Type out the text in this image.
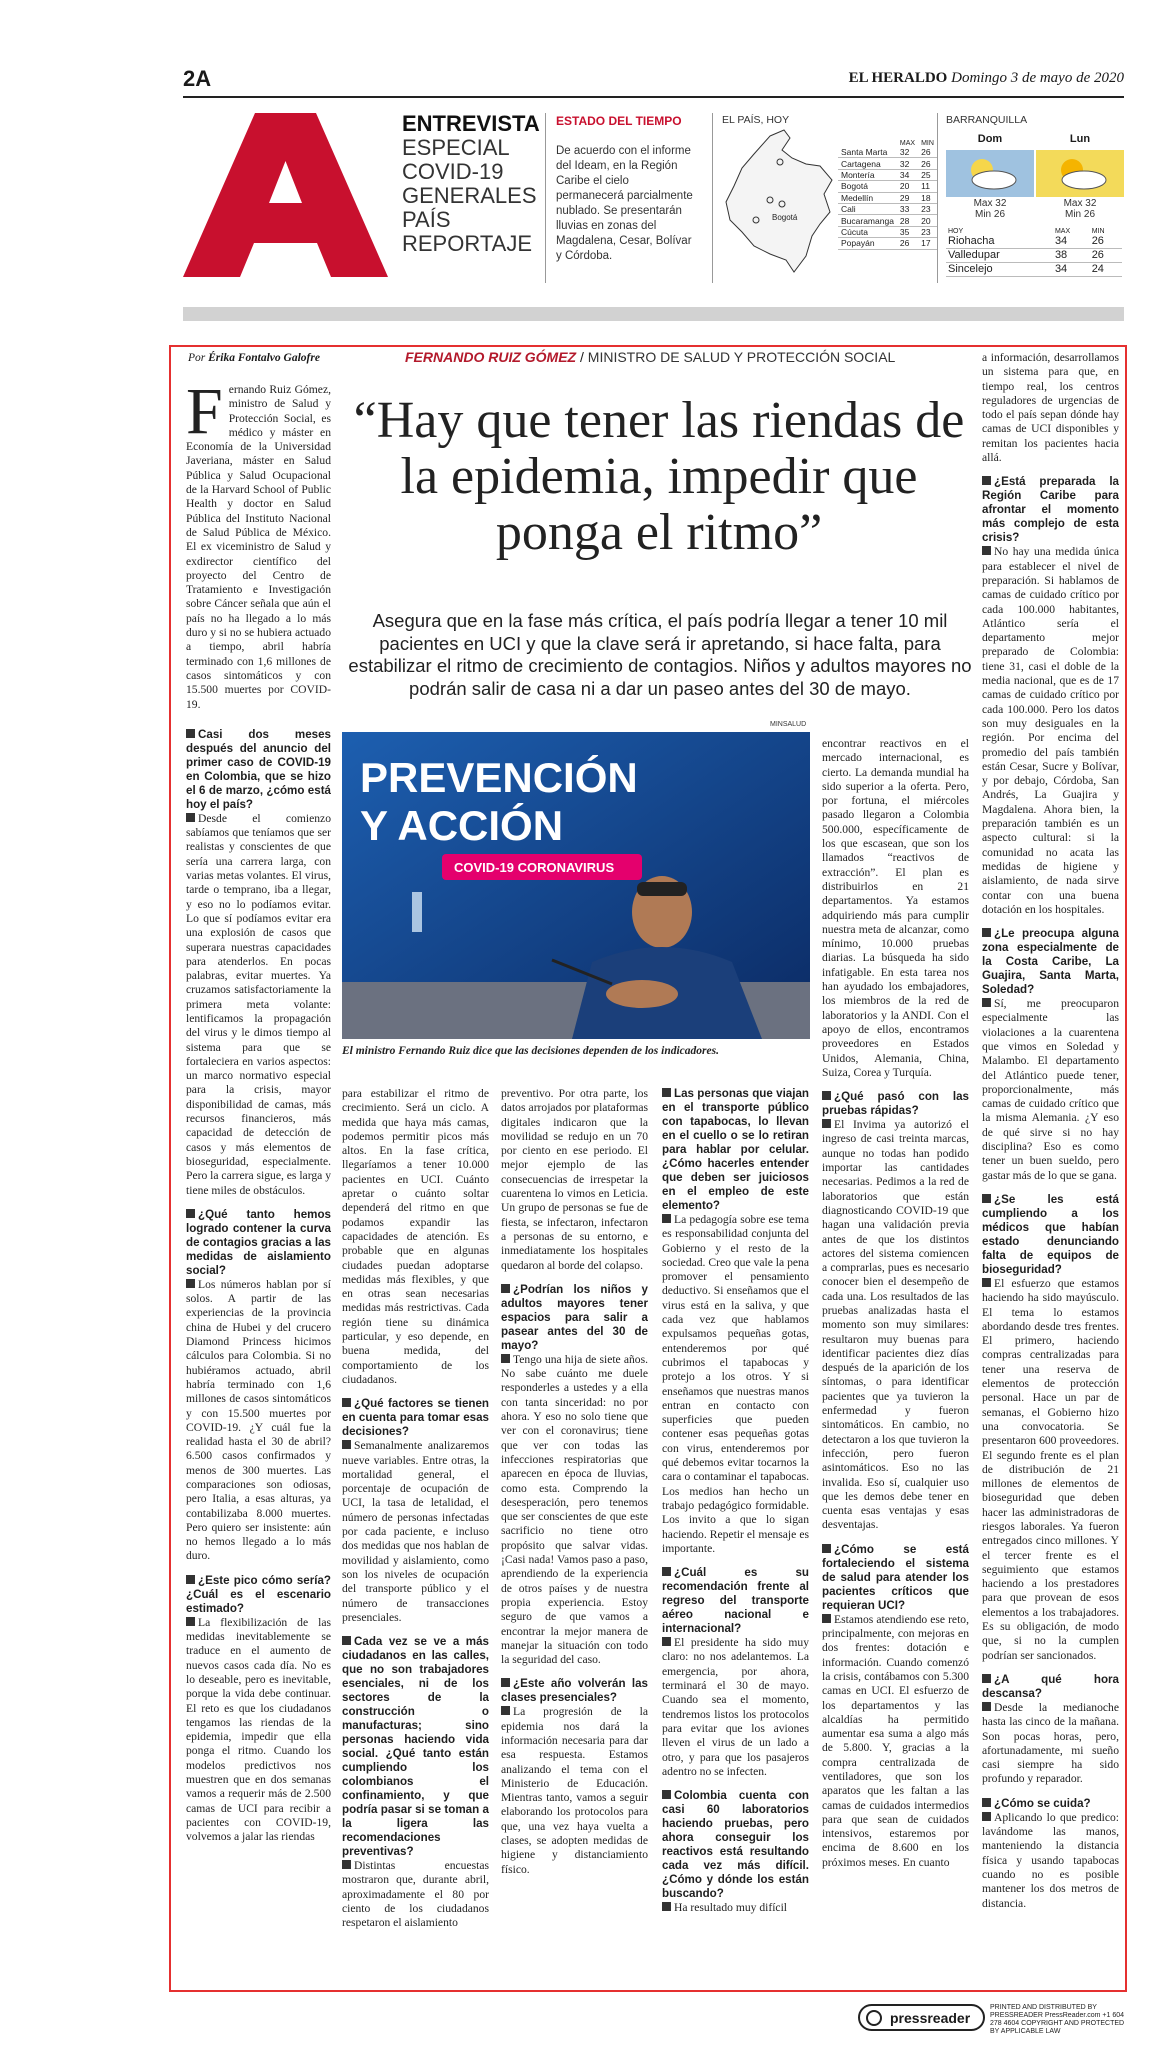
2A	EL HERALDO Domingo 3 de mayo de 2020
ENTREVISTA
ESPECIAL
COVID-19
GENERALES
PAÍS
REPORTAJE
ESTADO DEL TIEMPO
De acuerdo con el informe del Ideam, en la Región Caribe el cielo permanecerá parcialmente nublado. Se presentarán lluvias en zonas del Magdalena, Cesar, Bolívar y Córdoba.
EL PAÍS, HOY
Bogotá
	MAX	MIN
Santa Marta	32	26
Cartagena	32	26
Montería	34	25
Bogotá	20	11
Medellín	29	18
Cali	33	23
Bucaramanga	28	20
Cúcuta	35	23
Popayán	26	17
BARRANQUILLA
Dom	Lun
Max 32
Min 26
Max 32
Min 26
HOY	MAX	MIN
Riohacha	34	26
Valledupar	38	26
Sincelejo	34	24
Por Érika Fontalvo Galofre	FERNANDO RUIZ GÓMEZ / MINISTRO DE SALUD Y PROTECCIÓN SOCIAL
“Hay que tener las riendas de la epidemia, impedir que ponga el ritmo”
Asegura que en la fase más crítica, el país podría llegar a tener 10 mil pacientes en UCI y que la clave será ir apretando, si hace falta, para estabilizar el ritmo de crecimiento de contagios. Niños y adultos mayores no podrán salir de casa ni a dar un paseo antes del 30 de mayo.
MINSALUD
PREVENCIÓN
Y ACCIÓN
COVID-19 CORONAVIRUS
El ministro Fernando Ruiz dice que las decisiones dependen de los indicadores.

Fernando Ruiz Gómez, ministro de Salud y Protección Social, es médico y máster en Economía de la Universidad Javeriana, máster en Salud Pública y Salud Ocupacional de la Harvard School of Public Health y doctor en Salud Pública del Instituto Nacional de Salud Pública de México. El ex viceministro de Salud y exdirector científico del proyecto del Centro de Tratamiento e Investigación sobre Cáncer señala que aún el país no ha llegado a lo más duro y si no se hubiera actuado a tiempo, abril habría terminado con 1,6 millones de casos sintomáticos y con 15.500 muertes por COVID-19.

Casi dos meses después del anuncio del primer caso de COVID-19 en Colombia, que se hizo el 6 de marzo, ¿cómo está hoy el país?

Desde el comienzo sabíamos que teníamos que ser realistas y conscientes de que sería una carrera larga, con varias metas volantes. El virus, tarde o temprano, iba a llegar, y eso no lo podíamos evitar. Lo que sí podíamos evitar era una explosión de casos que superara nuestras capacidades para atenderlos. En pocas palabras, evitar muertes. Ya cruzamos satisfactoriamente la primera meta volante: lentificamos la propagación del virus y le dimos tiempo al sistema para que se fortaleciera en varios aspectos: un marco normativo especial para la crisis, mayor disponibilidad de camas, más recursos financieros, más capacidad de detección de casos y más elementos de bioseguridad, especialmente. Pero la carrera sigue, es larga y tiene miles de obstáculos.

¿Qué tanto hemos logrado contener la curva de contagios gracias a las medidas de aislamiento social?

Los números hablan por sí solos. A partir de las experiencias de la provincia china de Hubei y del crucero Diamond Princess hicimos cálculos para Colombia. Si no hubiéramos actuado, abril habría terminado con 1,6 millones de casos sintomáticos y con 15.500 muertes por COVID-19. ¿Y cuál fue la realidad hasta el 30 de abril? 6.500 casos confirmados y menos de 300 muertes. Las comparaciones son odiosas, pero Italia, a esas alturas, ya contabilizaba 8.000 muertes. Pero quiero ser insistente: aún no hemos llegado a lo más duro.

¿Este pico cómo sería? ¿Cuál es el escenario estimado?

La flexibilización de las medidas inevitablemente se traduce en el aumento de nuevos casos cada día. No es lo deseable, pero es inevitable, porque la vida debe continuar. El reto es que los ciudadanos tengamos las riendas de la epidemia, impedir que ella ponga el ritmo. Cuando los modelos predictivos nos muestren que en dos semanas vamos a requerir más de 2.500 camas de UCI para recibir a pacientes con COVID-19, volvemos a jalar las riendas

para estabilizar el ritmo de crecimiento. Será un ciclo. A medida que haya más camas, podemos permitir picos más altos. En la fase crítica, llegaríamos a tener 10.000 pacientes en UCI. Cuánto apretar o cuánto soltar dependerá del ritmo en que podamos expandir las capacidades de atención. Es probable que en algunas ciudades puedan adoptarse medidas más flexibles, y que en otras sean necesarias medidas más restrictivas. Cada región tiene su dinámica particular, y eso depende, en buena medida, del comportamiento de los ciudadanos.

¿Qué factores se tienen en cuenta para tomar esas decisiones?

Semanalmente analizaremos nueve variables. Entre otras, la mortalidad general, el porcentaje de ocupación de UCI, la tasa de letalidad, el número de personas infectadas por cada paciente, e incluso dos medidas que nos hablan de movilidad y aislamiento, como son los niveles de ocupación del transporte público y el número de transacciones presenciales.

Cada vez se ve a más ciudadanos en las calles, que no son trabajadores esenciales, ni de los sectores de la construcción o manufacturas; sino personas haciendo vida social. ¿Qué tanto están cumpliendo los colombianos el confinamiento, y que podría pasar si se toman a la ligera las recomendaciones preventivas?

Distintas encuestas mostraron que, durante abril, aproximadamente el 80 por ciento de los ciudadanos respetaron el aislamiento

preventivo. Por otra parte, los datos arrojados por plataformas digitales indicaron que la movilidad se redujo en un 70 por ciento en ese periodo. El mejor ejemplo de las consecuencias de irrespetar la cuarentena lo vimos en Leticia. Un grupo de personas se fue de fiesta, se infectaron, infectaron a personas de su entorno, e inmediatamente los hospitales quedaron al borde del colapso.

¿Podrían los niños y adultos mayores tener espacios para salir a pasear antes del 30 de mayo?

Tengo una hija de siete años. No sabe cuánto me duele responderles a ustedes y a ella con tanta sinceridad: no por ahora. Y eso no solo tiene que ver con el coronavirus; tiene que ver con todas las infecciones respiratorias que aparecen en época de lluvias, como esta. Comprendo la desesperación, pero tenemos que ser conscientes de que este sacrificio no tiene otro propósito que salvar vidas. ¡Casi nada! Vamos paso a paso, aprendiendo de la experiencia de otros países y de nuestra propia experiencia. Estoy seguro de que vamos a encontrar la mejor manera de manejar la situación con todo la seguridad del caso.

¿Este año volverán las clases presenciales?

La progresión de la epidemia nos dará la información necesaria para dar esa respuesta. Estamos analizando el tema con el Ministerio de Educación. Mientras tanto, vamos a seguir elaborando los protocolos para que, una vez haya vuelta a clases, se adopten medidas de higiene y distanciamiento físico.

Las personas que viajan en el transporte público con tapabocas, lo llevan en el cuello o se lo retiran para hablar por celular. ¿Cómo hacerles entender que deben ser juiciosos en el empleo de este elemento?

La pedagogía sobre ese tema es responsabilidad conjunta del Gobierno y el resto de la sociedad. Creo que vale la pena promover el pensamiento deductivo. Si enseñamos que el virus está en la saliva, y que cada vez que hablamos expulsamos pequeñas gotas, entenderemos por qué cubrimos el tapabocas y protejo a los otros. Y si enseñamos que nuestras manos entran en contacto con superficies que pueden contener esas pequeñas gotas con virus, entenderemos por qué debemos evitar tocarnos la cara o contaminar el tapabocas. Los medios han hecho un trabajo pedagógico formidable. Los invito a que lo sigan haciendo. Repetir el mensaje es importante.

¿Cuál es su recomendación frente al regreso del transporte aéreo nacional e internacional?

El presidente ha sido muy claro: no nos adelantemos. La emergencia, por ahora, terminará el 30 de mayo. Cuando sea el momento, tendremos listos los protocolos para evitar que los aviones lleven el virus de un lado a otro, y para que los pasajeros adentro no se infecten.

Colombia cuenta con casi 60 laboratorios haciendo pruebas, pero ahora conseguir los reactivos está resultando cada vez más difícil. ¿Cómo y dónde los están buscando?

Ha resultado muy difícil

encontrar reactivos en el mercado internacional, es cierto. La demanda mundial ha sido superior a la oferta. Pero, por fortuna, el miércoles pasado llegaron a Colombia 500.000, específicamente de los que escasean, que son los llamados “reactivos de extracción”. El plan es distribuirlos en 21 departamentos. Ya estamos adquiriendo más para cumplir nuestra meta de alcanzar, como mínimo, 10.000 pruebas diarias. La búsqueda ha sido infatigable. En esta tarea nos han ayudado los embajadores, los miembros de la red de laboratorios y la ANDI. Con el apoyo de ellos, encontramos proveedores en Estados Unidos, Alemania, China, Suiza, Corea y Turquía.

¿Qué pasó con las pruebas rápidas?

El Invima ya autorizó el ingreso de casi treinta marcas, aunque no todas han podido importar las cantidades necesarias. Pedimos a la red de laboratorios que están diagnosticando COVID-19 que hagan una validación previa antes de que los distintos actores del sistema comiencen a comprarlas, pues es necesario conocer bien el desempeño de cada una. Los resultados de las pruebas analizadas hasta el momento son muy similares: resultaron muy buenas para identificar pacientes diez días después de la aparición de los síntomas, o para identificar pacientes que ya tuvieron la enfermedad y fueron sintomáticos. En cambio, no detectaron a los que tuvieron la infección, pero fueron asintomáticos. Eso no las invalida. Eso sí, cualquier uso que les demos debe tener en cuenta esas ventajas y esas desventajas.

¿Cómo se está fortaleciendo el sistema de salud para atender los pacientes críticos que requieran UCI?

Estamos atendiendo ese reto, principalmente, con mejoras en dos frentes: dotación e información. Cuando comenzó la crisis, contábamos con 5.300 camas en UCI. El esfuerzo de los departamentos y las alcaldías ha permitido aumentar esa suma a algo más de 5.800. Y, gracias a la compra centralizada de ventiladores, que son los aparatos que les faltan a las camas de cuidados intermedios para que sean de cuidados intensivos, estaremos por encima de 8.600 en los próximos meses. En cuanto

a información, desarrollamos un sistema para que, en tiempo real, los centros reguladores de urgencias de todo el país sepan dónde hay camas de UCI disponibles y remitan los pacientes hacia allá.

¿Está preparada la Región Caribe para afrontar el momento más complejo de esta crisis?

No hay una medida única para establecer el nivel de preparación. Si hablamos de camas de cuidado crítico por cada 100.000 habitantes, Atlántico sería el departamento mejor preparado de Colombia: tiene 31, casi el doble de la media nacional, que es de 17 camas de cuidado crítico por cada 100.000. Pero los datos son muy desiguales en la región. Por encima del promedio del país también están Cesar, Sucre y Bolívar, y por debajo, Córdoba, San Andrés, La Guajira y Magdalena. Ahora bien, la preparación también es un aspecto cultural: si la comunidad no acata las medidas de higiene y aislamiento, de nada sirve contar con una buena dotación en los hospitales.

¿Le preocupa alguna zona especialmente de la Costa Caribe, La Guajira, Santa Marta, Soledad?

Sí, me preocuparon especialmente las violaciones a la cuarentena que vimos en Soledad y Malambo. El departamento del Atlántico puede tener, proporcionalmente, más camas de cuidado crítico que la misma Alemania. ¿Y eso de qué sirve si no hay disciplina? Eso es como tener un buen sueldo, pero gastar más de lo que se gana.

¿Se les está cumpliendo a los médicos que habían estado denunciando falta de equipos de bioseguridad?

El esfuerzo que estamos haciendo ha sido mayúsculo. El tema lo estamos abordando desde tres frentes. El primero, haciendo compras centralizadas para tener una reserva de elementos de protección personal. Hace un par de semanas, el Gobierno hizo una convocatoria. Se presentaron 600 proveedores. El segundo frente es el plan de distribución de 21 millones de elementos de bioseguridad que deben hacer las administradoras de riesgos laborales. Ya fueron entregados cinco millones. Y el tercer frente es el seguimiento que estamos haciendo a los prestadores para que provean de esos elementos a los trabajadores. Es su obligación, de modo que, si no la cumplen podrían ser sancionados.

¿A qué hora descansa?

Desde la medianoche hasta las cinco de la mañana. Son pocas horas, pero, afortunadamente, mi sueño casi siempre ha sido profundo y reparador.

¿Cómo se cuida?

Aplicando lo que predico: lavándome las manos, manteniendo la distancia física y usando tapabocas cuando no es posible mantener los dos metros de distancia.

pressreader
PRINTED AND DISTRIBUTED BY PRESSREADER PressReader.com +1 604 278 4604 COPYRIGHT AND PROTECTED BY APPLICABLE LAW
